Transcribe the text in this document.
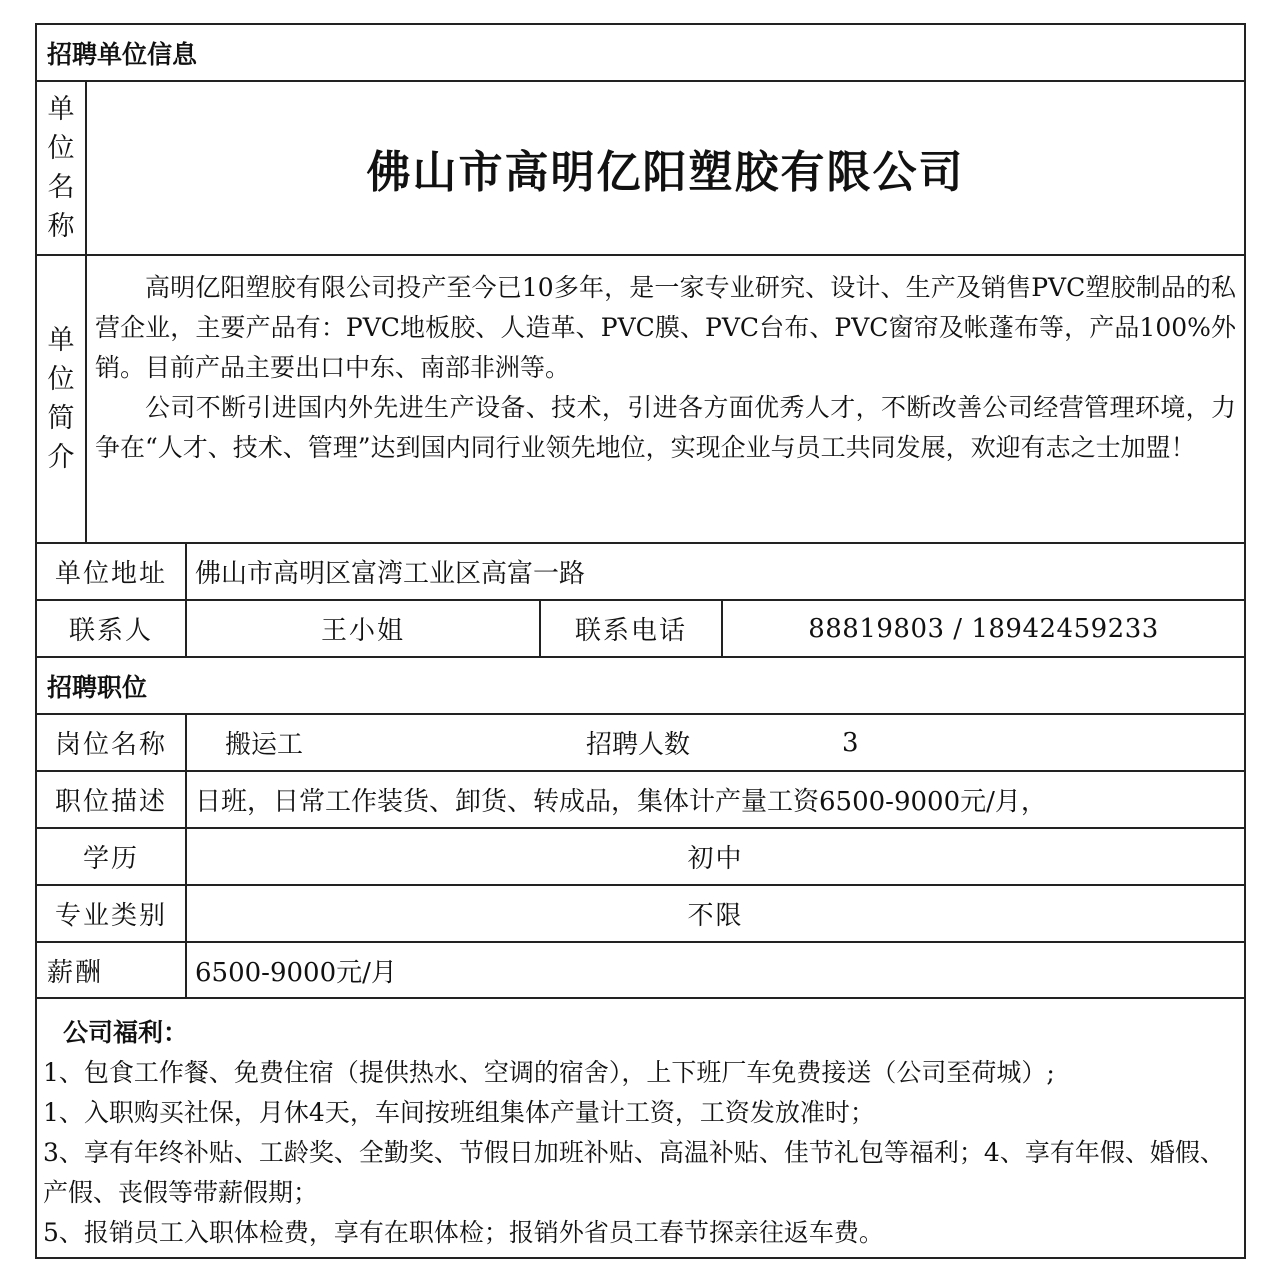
招聘单位信息
单
位
名
称
佛山市高明亿阳塑胶有限公司
单
位
简
介

高明亿阳塑胶有限公司投产至今已10多年，是一家专业研究、设计、生产及销售PVC塑胶制品的私营企业，主要产品有：PVC地板胶、人造革、PVC膜、PVC台布、PVC窗帘及帐蓬布等，产品100%外销。目前产品主要出口中东、南部非洲等。

公司不断引进国内外先进生产设备、技术，引进各方面优秀人才，不断改善公司经营管理环境，力争在“人才、技术、管理”达到国内同行业领先地位，实现企业与员工共同发展，欢迎有志之士加盟！

单位地址	佛山市高明区富湾工业区高富一路
联系人	王小姐	联系电话	88819803 / 18942459233
招聘职位
岗位名称	搬运工	招聘人数	3
职位描述	日班，日常工作装货、卸货、转成品，集体计产量工资6500-9000元/月，
学历	初中
专业类别	不限
薪酬	6500-9000元/月
公司福利：
1、包食工作餐、免费住宿（提供热水、空调的宿舍），上下班厂车免费接送（公司至荷城）;
1、入职购买社保，月休4天，车间按班组集体产量计工资，工资发放准时；
3、享有年终补贴、工龄奖、全勤奖、节假日加班补贴、高温补贴、佳节礼包等福利；4、享有年假、婚假、产假、丧假等带薪假期；
5、报销员工入职体检费，享有在职体检；报销外省员工春节探亲往返车费。
